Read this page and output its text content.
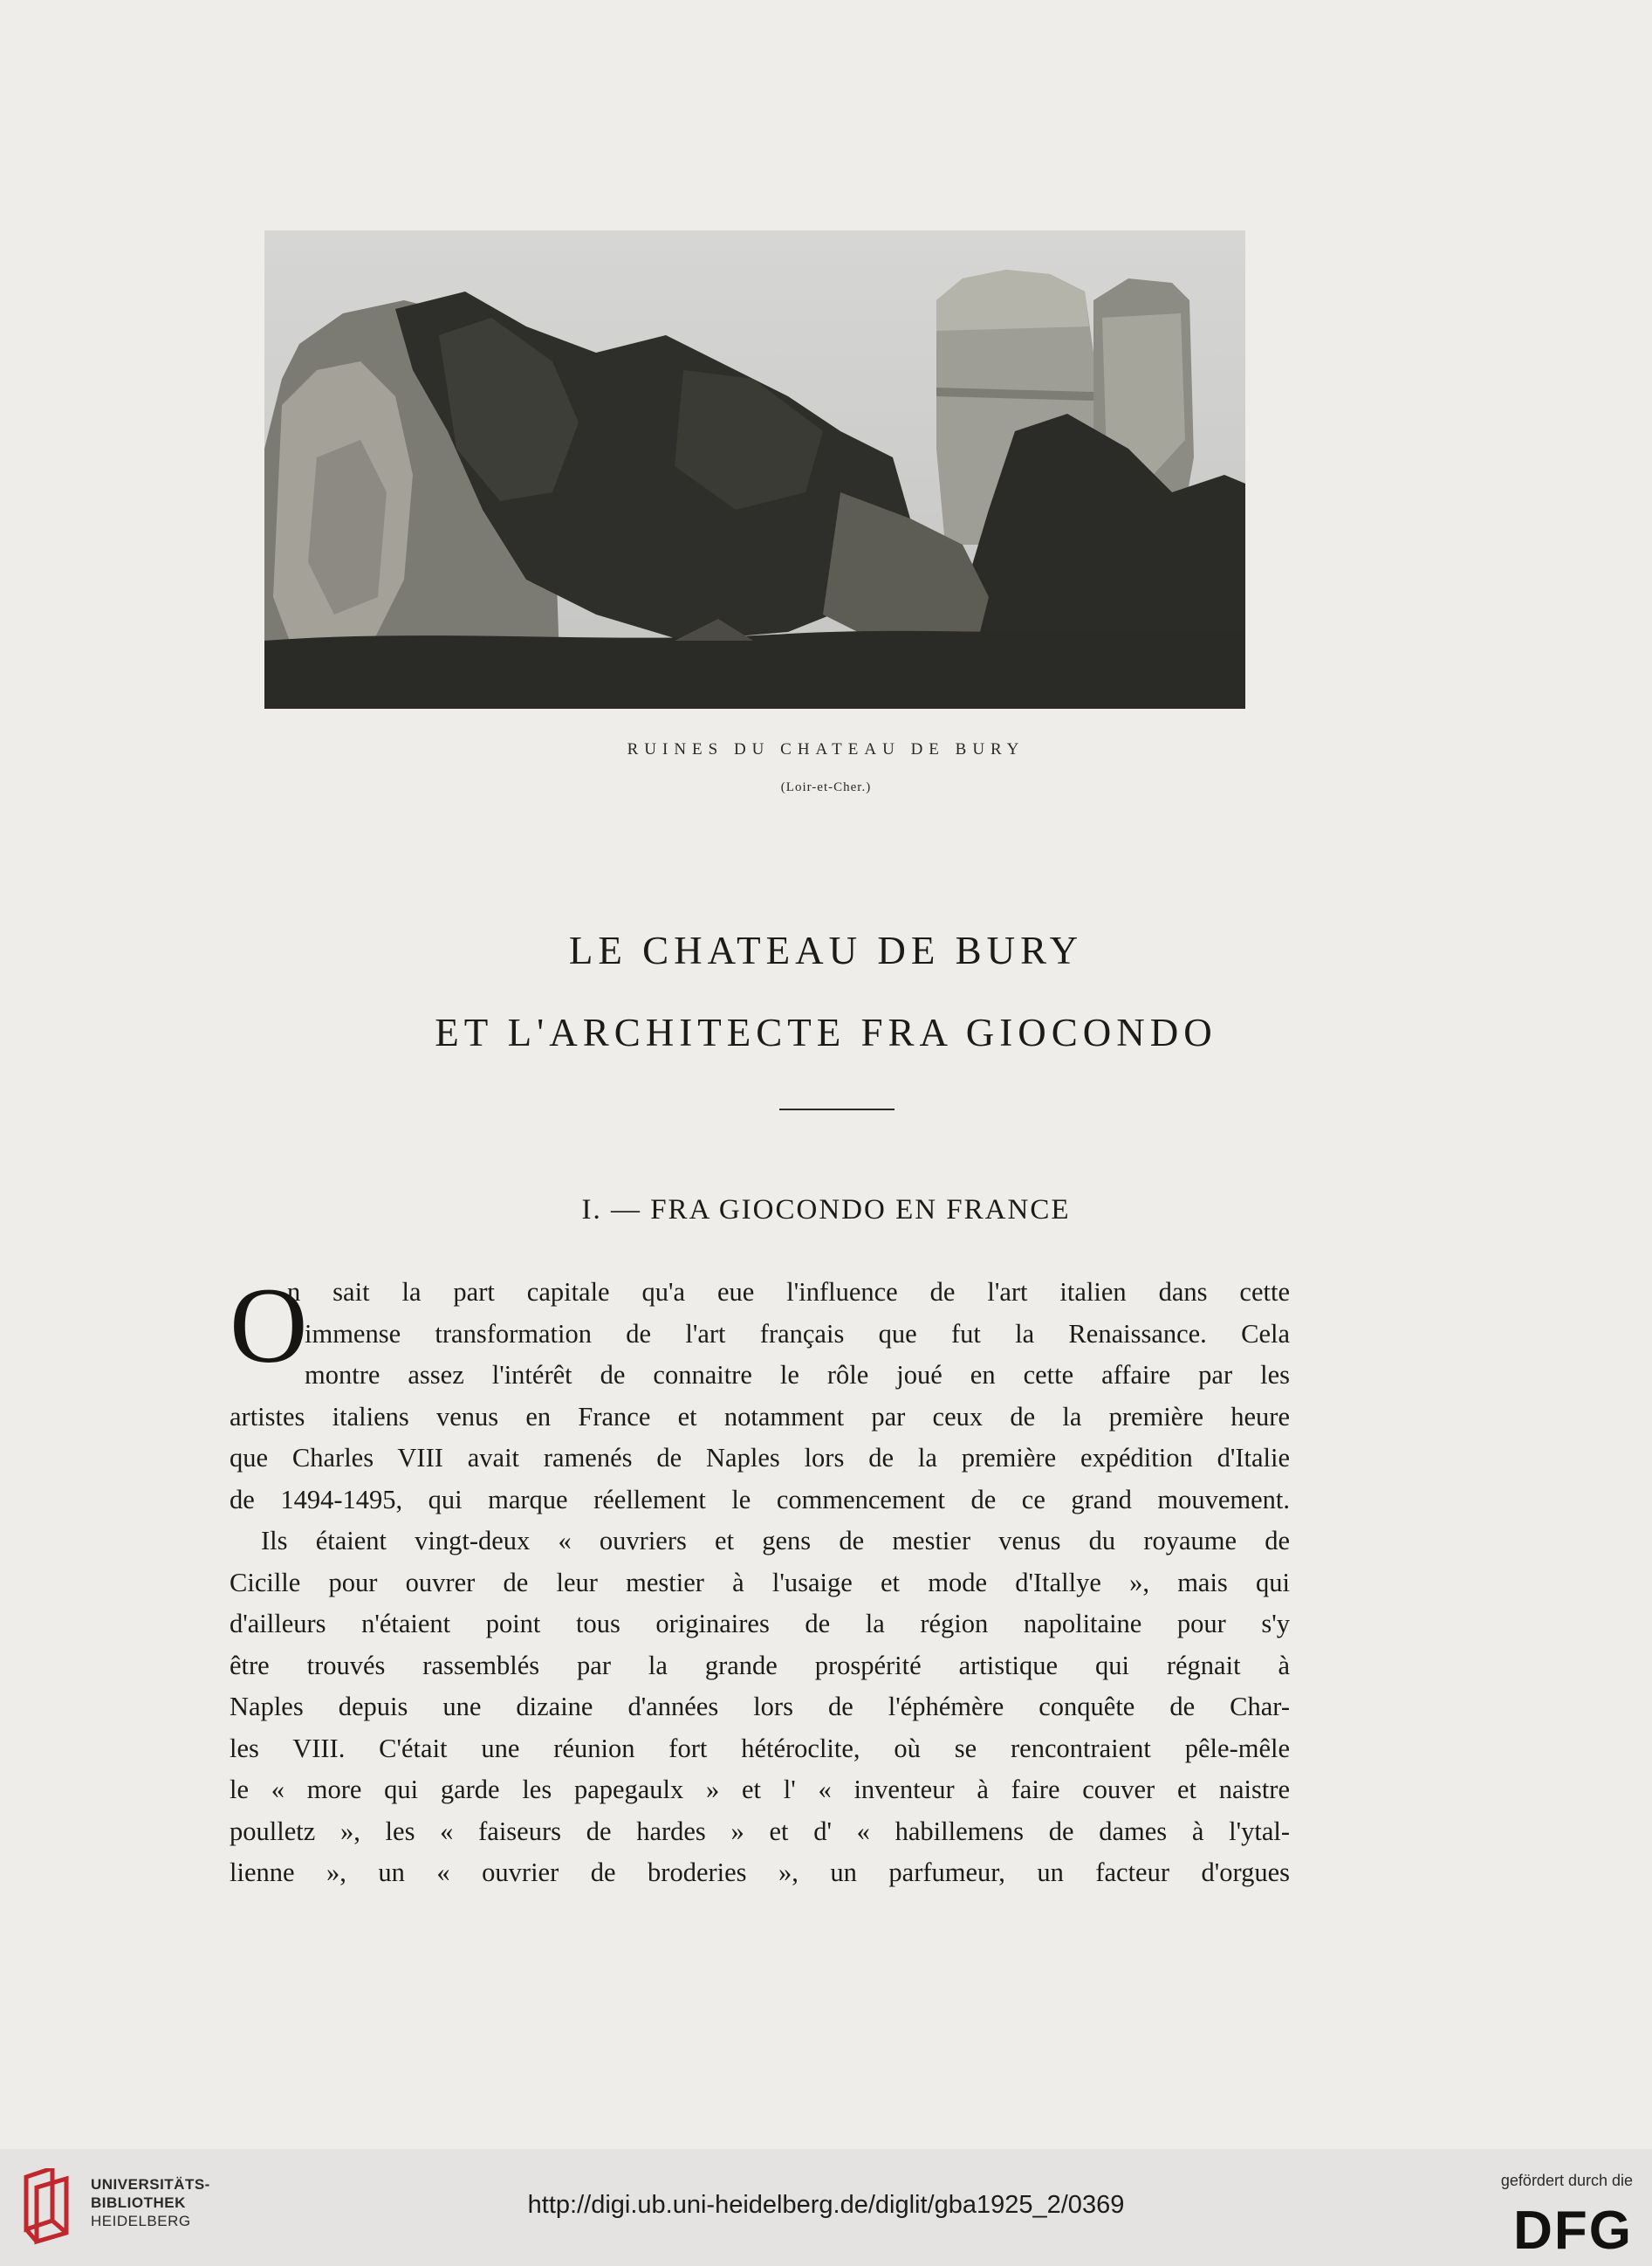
RUINES DU CHATEAU DE BURY
(Loir-et-Cher.)
LE CHATEAU DE BURY
ET L'ARCHITECTE FRA GIOCONDO
I. — FRA GIOCONDO EN FRANCE
O
n sait la part capitale qu'a eue l'influence de l'art italien dans cette
immense transformation de l'art français que fut la Renaissance. Cela
montre assez l'intérêt de connaitre le rôle joué en cette affaire par les
artistes italiens venus en France et notamment par ceux de la première heure
que Charles VIII avait ramenés de Naples lors de la première expédition d'Italie
de 1494-1495, qui marque réellement le commencement de ce grand mouvement.
Ils étaient vingt-deux « ouvriers et gens de mestier venus du royaume de
Cicille pour ouvrer de leur mestier à l'usaige et mode d'Itallye », mais qui
d'ailleurs n'étaient point tous originaires de la région napolitaine pour s'y
être trouvés rassemblés par la grande prospérité artistique qui régnait à
Naples depuis une dizaine d'années lors de l'éphémère conquête de Char-
les VIII. C'était une réunion fort hétéroclite, où se rencontraient pêle-mêle
le « more qui garde les papegaulx » et l' « inventeur à faire couver et naistre
poulletz », les « faiseurs de hardes » et d' « habillemens de dames à l'ytal-
lienne », un « ouvrier de broderies », un parfumeur, un facteur d'orgues
UNIVERSITÄTS-
BIBLIOTHEK
HEIDELBERG
http://digi.ub.uni-heidelberg.de/diglit/gba1925_2/0369
gefördert durch die
DFG
